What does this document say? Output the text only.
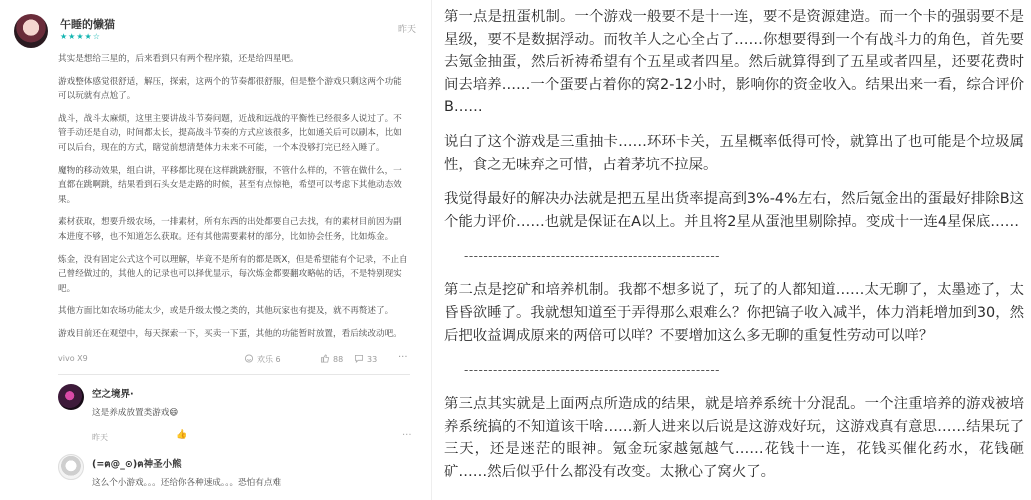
午睡的懒猫
★★★★☆
昨天

其实是想给三星的，后来看到只有两个程序猿，还是给四星吧。

游戏整体感觉很舒适，解压，探索，这两个的节奏都很舒服，但是整个游戏只剩这两个功能可以玩就有点尬了。

战斗，战斗太麻烦，这里主要讲战斗节奏问题，近战和远战的平衡性已经很多人说过了。不管手动还是自动，时间都太长，提高战斗节奏的方式应该很多，比如通关后可以刷本，比如可以后台，现在的方式，瞎觉前想清楚体力未来不可能，一个本没够打完已经入睡了。

魔物的移动效果，组白讲，平移都比现在这样跳跳舒服，不管什么样的，不管在做什么，一直都在跳啊跳，结果看到石头女是走路的时候，甚至有点惊艳，希望可以考虑下其他动态效果。

素材获取，想要升级农场，一排素材，所有东西的出处都要自己去找，有的素材目前因为副本进度不够，也不知道怎么获取。还有其他需要素材的部分，比如协会任务，比如炼金。

炼金，没有固定公式这个可以理解，毕竟不是所有的都是既X，但是希望能有个记录，不止自己曾经做过的，其他人的记录也可以择优显示，每次炼金都要翻攻略帖的话，不是特别现实吧。

其他方面比如农场功能太少，或是升级太慢之类的，其他玩家也有提及，就不再赘述了。

游戏目前还在观望中，每天探索一下，买卖一下蛋，其他的功能暂时放置，看后续改动吧。

vivo X9	欢乐 6	88	33 ···
空之境界·
这是养成放置类游戏😄
昨天	👍	···
(=ฅ@_⊙)ฅ神圣小熊
这么个小游戏。。。还给你各种速成。。。恐怕有点难

第一点是扭蛋机制。一个游戏一般要不是十一连，要不是资源建造。而一个卡的强弱要不是星级，要不是数据浮动。而牧羊人之心全占了……你想要得到一个有战斗力的角色，首先要去氪金抽蛋，然后祈祷希望有个五星或者四星。然后就算得到了五星或者四星，还要花费时间去培养……一个蛋要占着你的窝2-12小时，影响你的资金收入。结果出来一看，综合评价B……

说白了这个游戏是三重抽卡……环环卡关，五星概率低得可怜，就算出了也可能是个垃圾属性，食之无味弃之可惜，占着茅坑不拉屎。

我觉得最好的解决办法就是把五星出货率提高到3%-4%左右，然后氪金出的蛋最好排除B这个能力评价……也就是保证在A以上。并且将2星从蛋池里剔除掉。变成十一连4星保底……

-----------------------------------------------------

第二点是挖矿和培养机制。我都不想多说了，玩了的人都知道……太无聊了，太墨迹了，太昏昏欲睡了。我就想知道至于弄得那么艰难么？你把镐子收入减半，体力消耗增加到30，然后把收益调成原来的两倍可以咩？不要增加这么多无聊的重复性劳动可以咩？

-----------------------------------------------------

第三点其实就是上面两点所造成的结果，就是培养系统十分混乱。一个注重培养的游戏被培养系统搞的不知道该干啥……新人进来以后说是这游戏好玩，这游戏真有意思……结果玩了三天，还是迷茫的眼神。氪金玩家越氪越气……花钱十一连，花钱买催化药水，花钱砸矿……然后似乎什么都没有改变。太揪心了窝火了。
